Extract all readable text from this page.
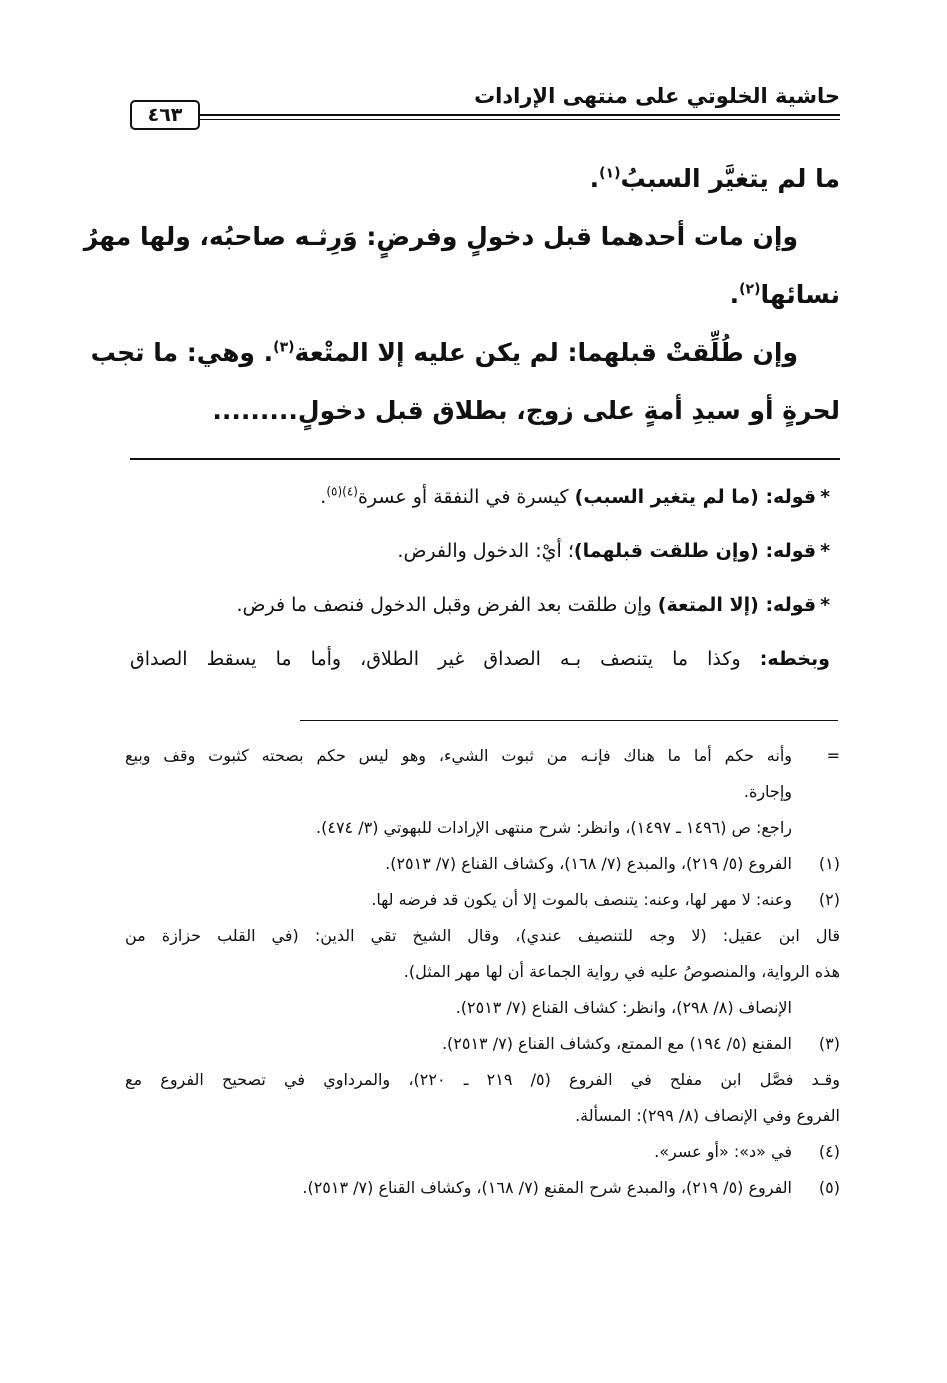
حاشية الخلوتي على منتهى الإرادات
٤٦٣
ما لم يتغيَّر السببُ$^{(١)}$.
وإن مات أحدهما قبل دخولٍ وفرضٍ: وَرِثـه صاحبُه، ولها مهرُ
نسائها$^{(٢)}$.
وإن طُلِّقتْ قبلهما: لم يكن عليه إلا المتْعة$^{(٣)}$. وهي: ما تجب
لحرةٍ أو سيدِ أمةٍ على زوج، بطلاق قبل دخولٍ.........
*قوله: (ما لم يتغير السبب) كيسرة في النفقة أو عسرة$^{(٤)(٥)}$.
*قوله: (وإن طلقت قبلهما)؛ أيْ: الدخول والفرض.
*قوله: (إلا المتعة) وإن طلقت بعد الفرض وقبل الدخول فنصف ما فرض.
وبخطه: وكذا ما يتنصف بـه الصداق غير الطلاق، وأما ما يسقط الصداق
=
وأنه حكم أما ما هناك فإنـه من ثبوت الشيء، وهو ليس حكم بصحته كثبوت وقف وبيع
وإجارة.
راجع: ص (١٤٩٦ ـ ١٤٩٧)، وانظر: شرح منتهى الإرادات للبهوتي (٣/ ٤٧٤).
(١)
الفروع (٥/ ٢١٩)، والمبدع (٧/ ١٦٨)، وكشاف القناع (٧/ ٢٥١٣).
(٢)
وعنه: لا مهر لها، وعنه: يتنصف بالموت إلا أن يكون قد فرضه لها.
قال ابن عقيل: (لا وجه للتنصيف عندي)، وقال الشيخ تقي الدين: (في القلب حزازة من
هذه الرواية، والمنصوصُ عليه في رواية الجماعة أن لها مهر المثل).
الإنصاف (٨/ ٢٩٨)، وانظر: كشاف القناع (٧/ ٢٥١٣).
(٣)
المقنع (٥/ ١٩٤) مع الممتع، وكشاف القناع (٧/ ٢٥١٣).
وقـد فصَّل ابن مفلح في الفروع (٥/ ٢١٩ ـ ٢٢٠)، والمرداوي في تصحيح الفروع مع
الفروع وفي الإنصاف (٨/ ٢٩٩): المسألة.
(٤)
في «د»: «أو عسر».
(٥)
الفروع (٥/ ٢١٩)، والمبدع شرح المقنع (٧/ ١٦٨)، وكشاف القناع (٧/ ٢٥١٣).
